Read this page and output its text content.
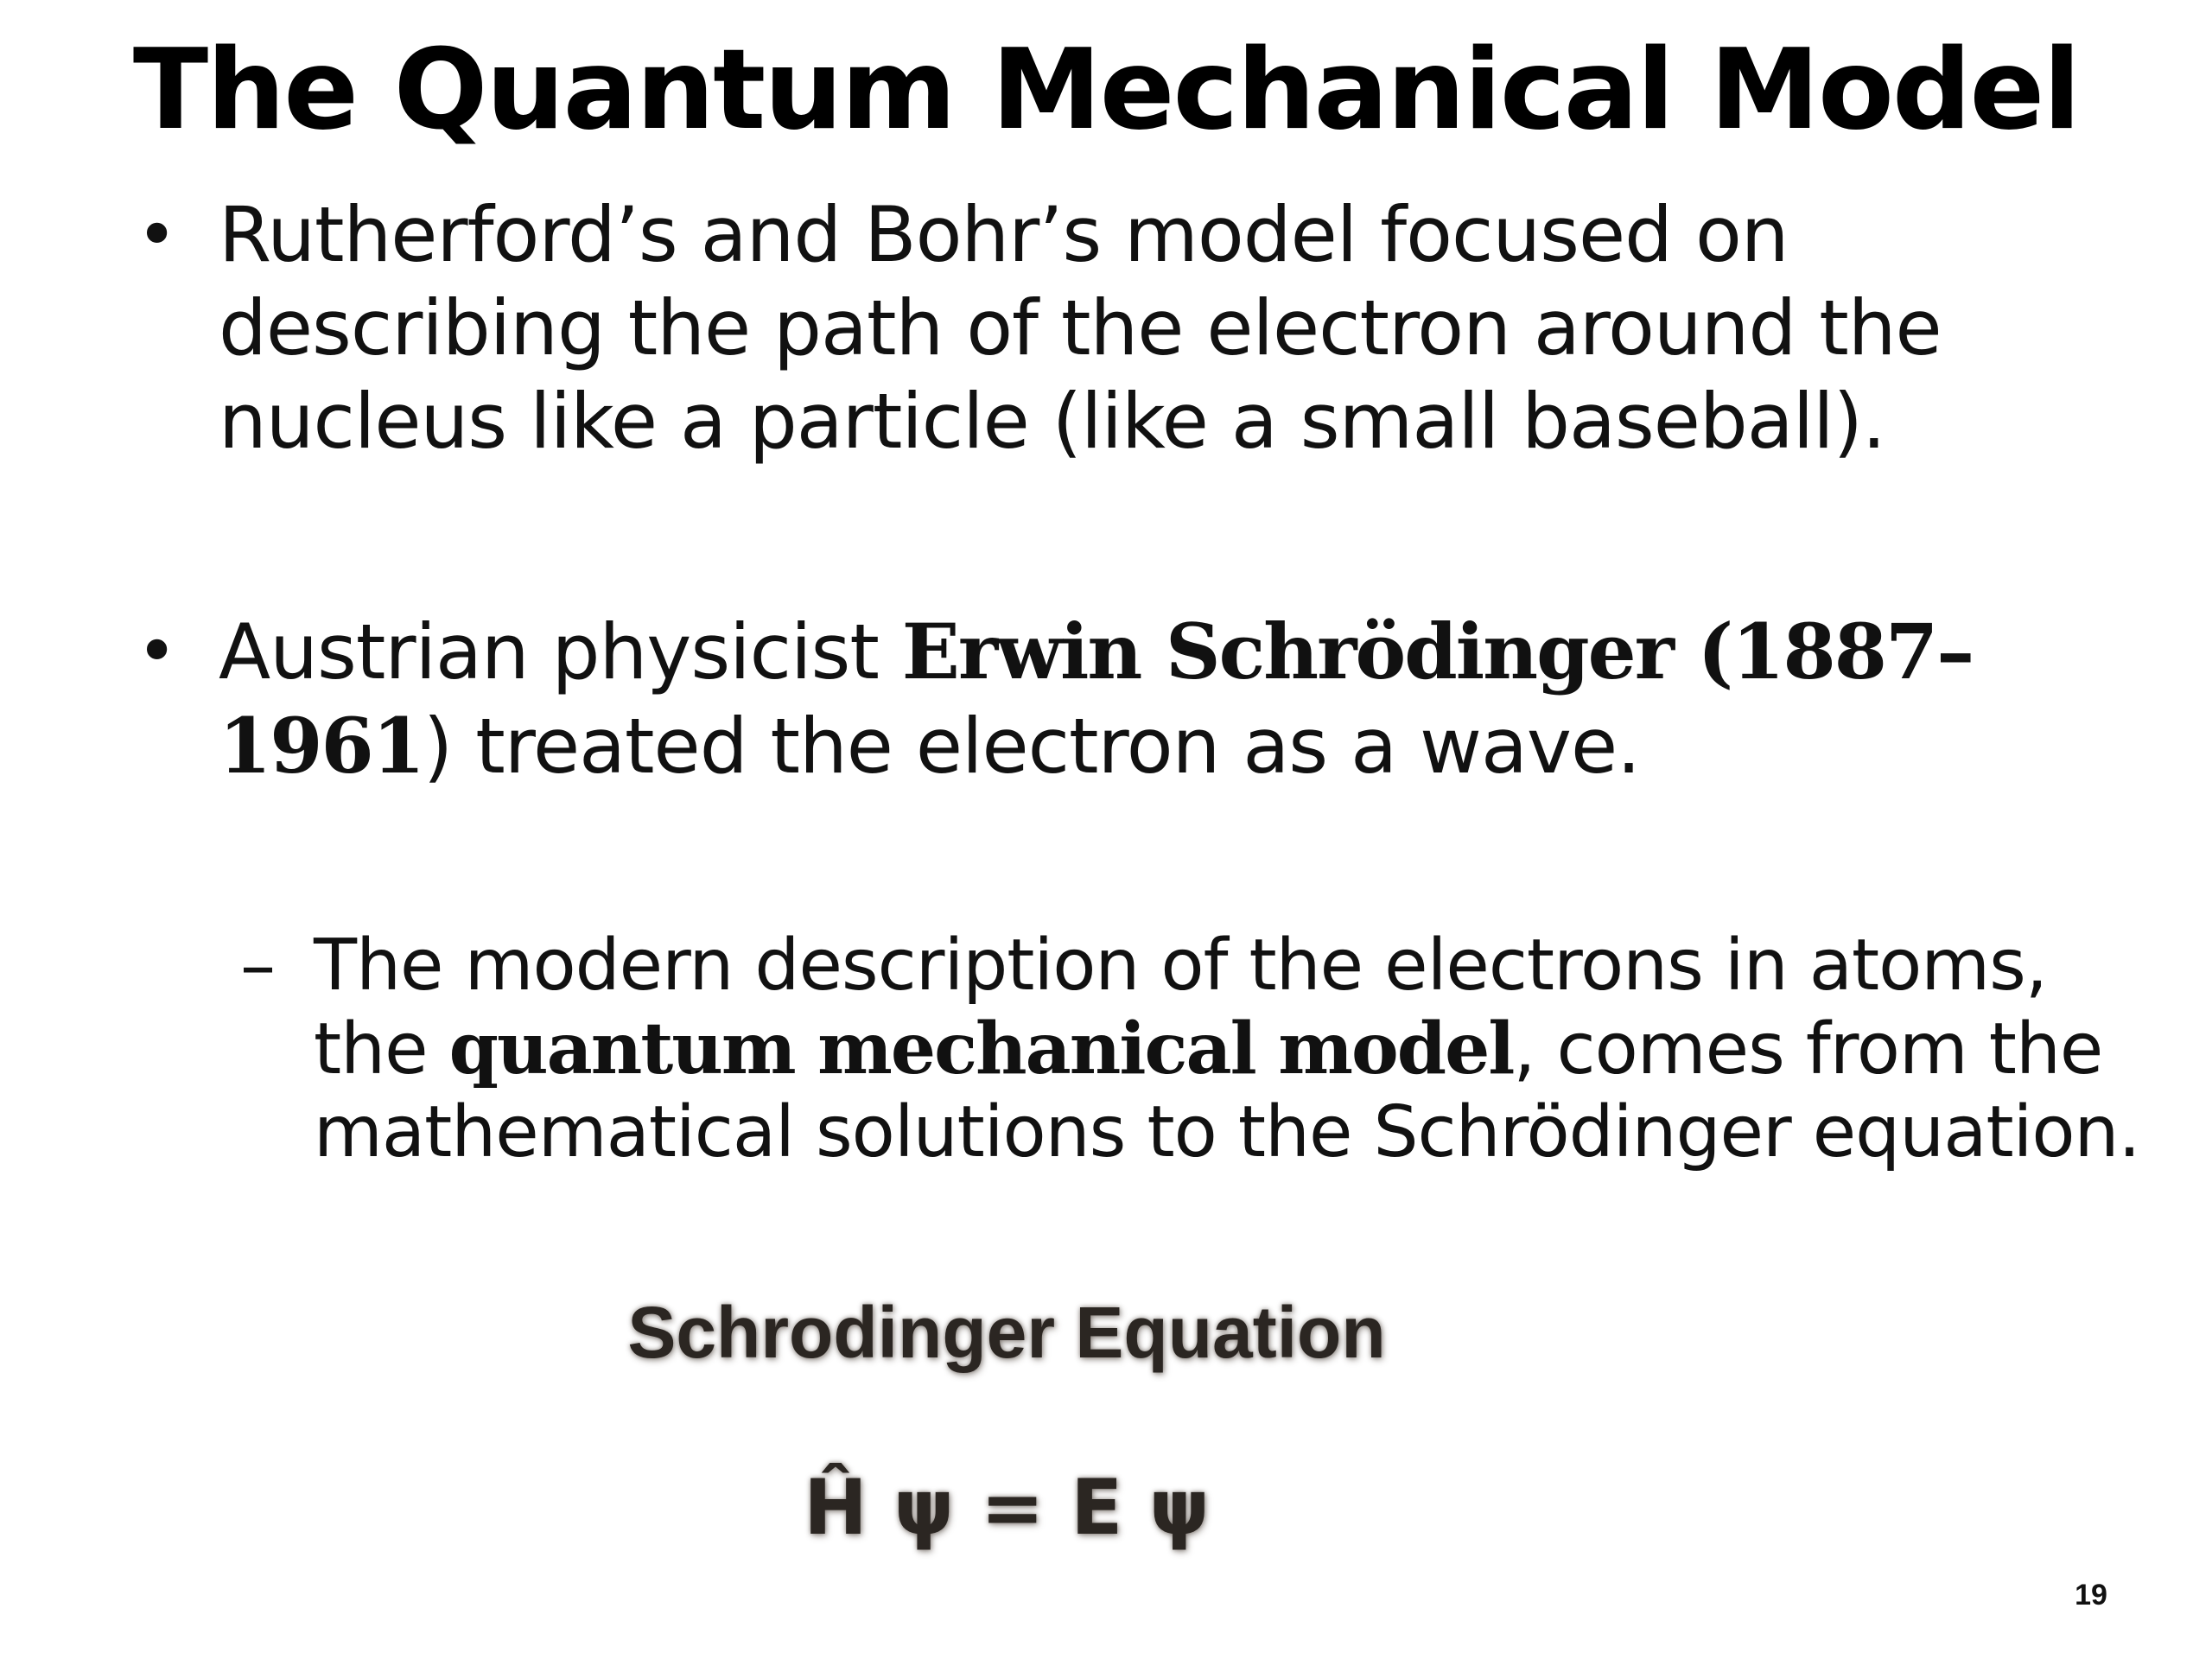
The Quantum Mechanical Model
• Rutherford’s and Bohr’s model focused on describing the path of the electron around the nucleus like a particle (like a small baseball).
• Austrian physicist Erwin Schrödinger (1887–1961) treated the electron as a wave.
– The modern description of the electrons in atoms, the quantum mechanical model, comes from the mathematical solutions to the Schrödinger equation.
Schrodinger Equation
Ĥ ψ = E ψ
19
